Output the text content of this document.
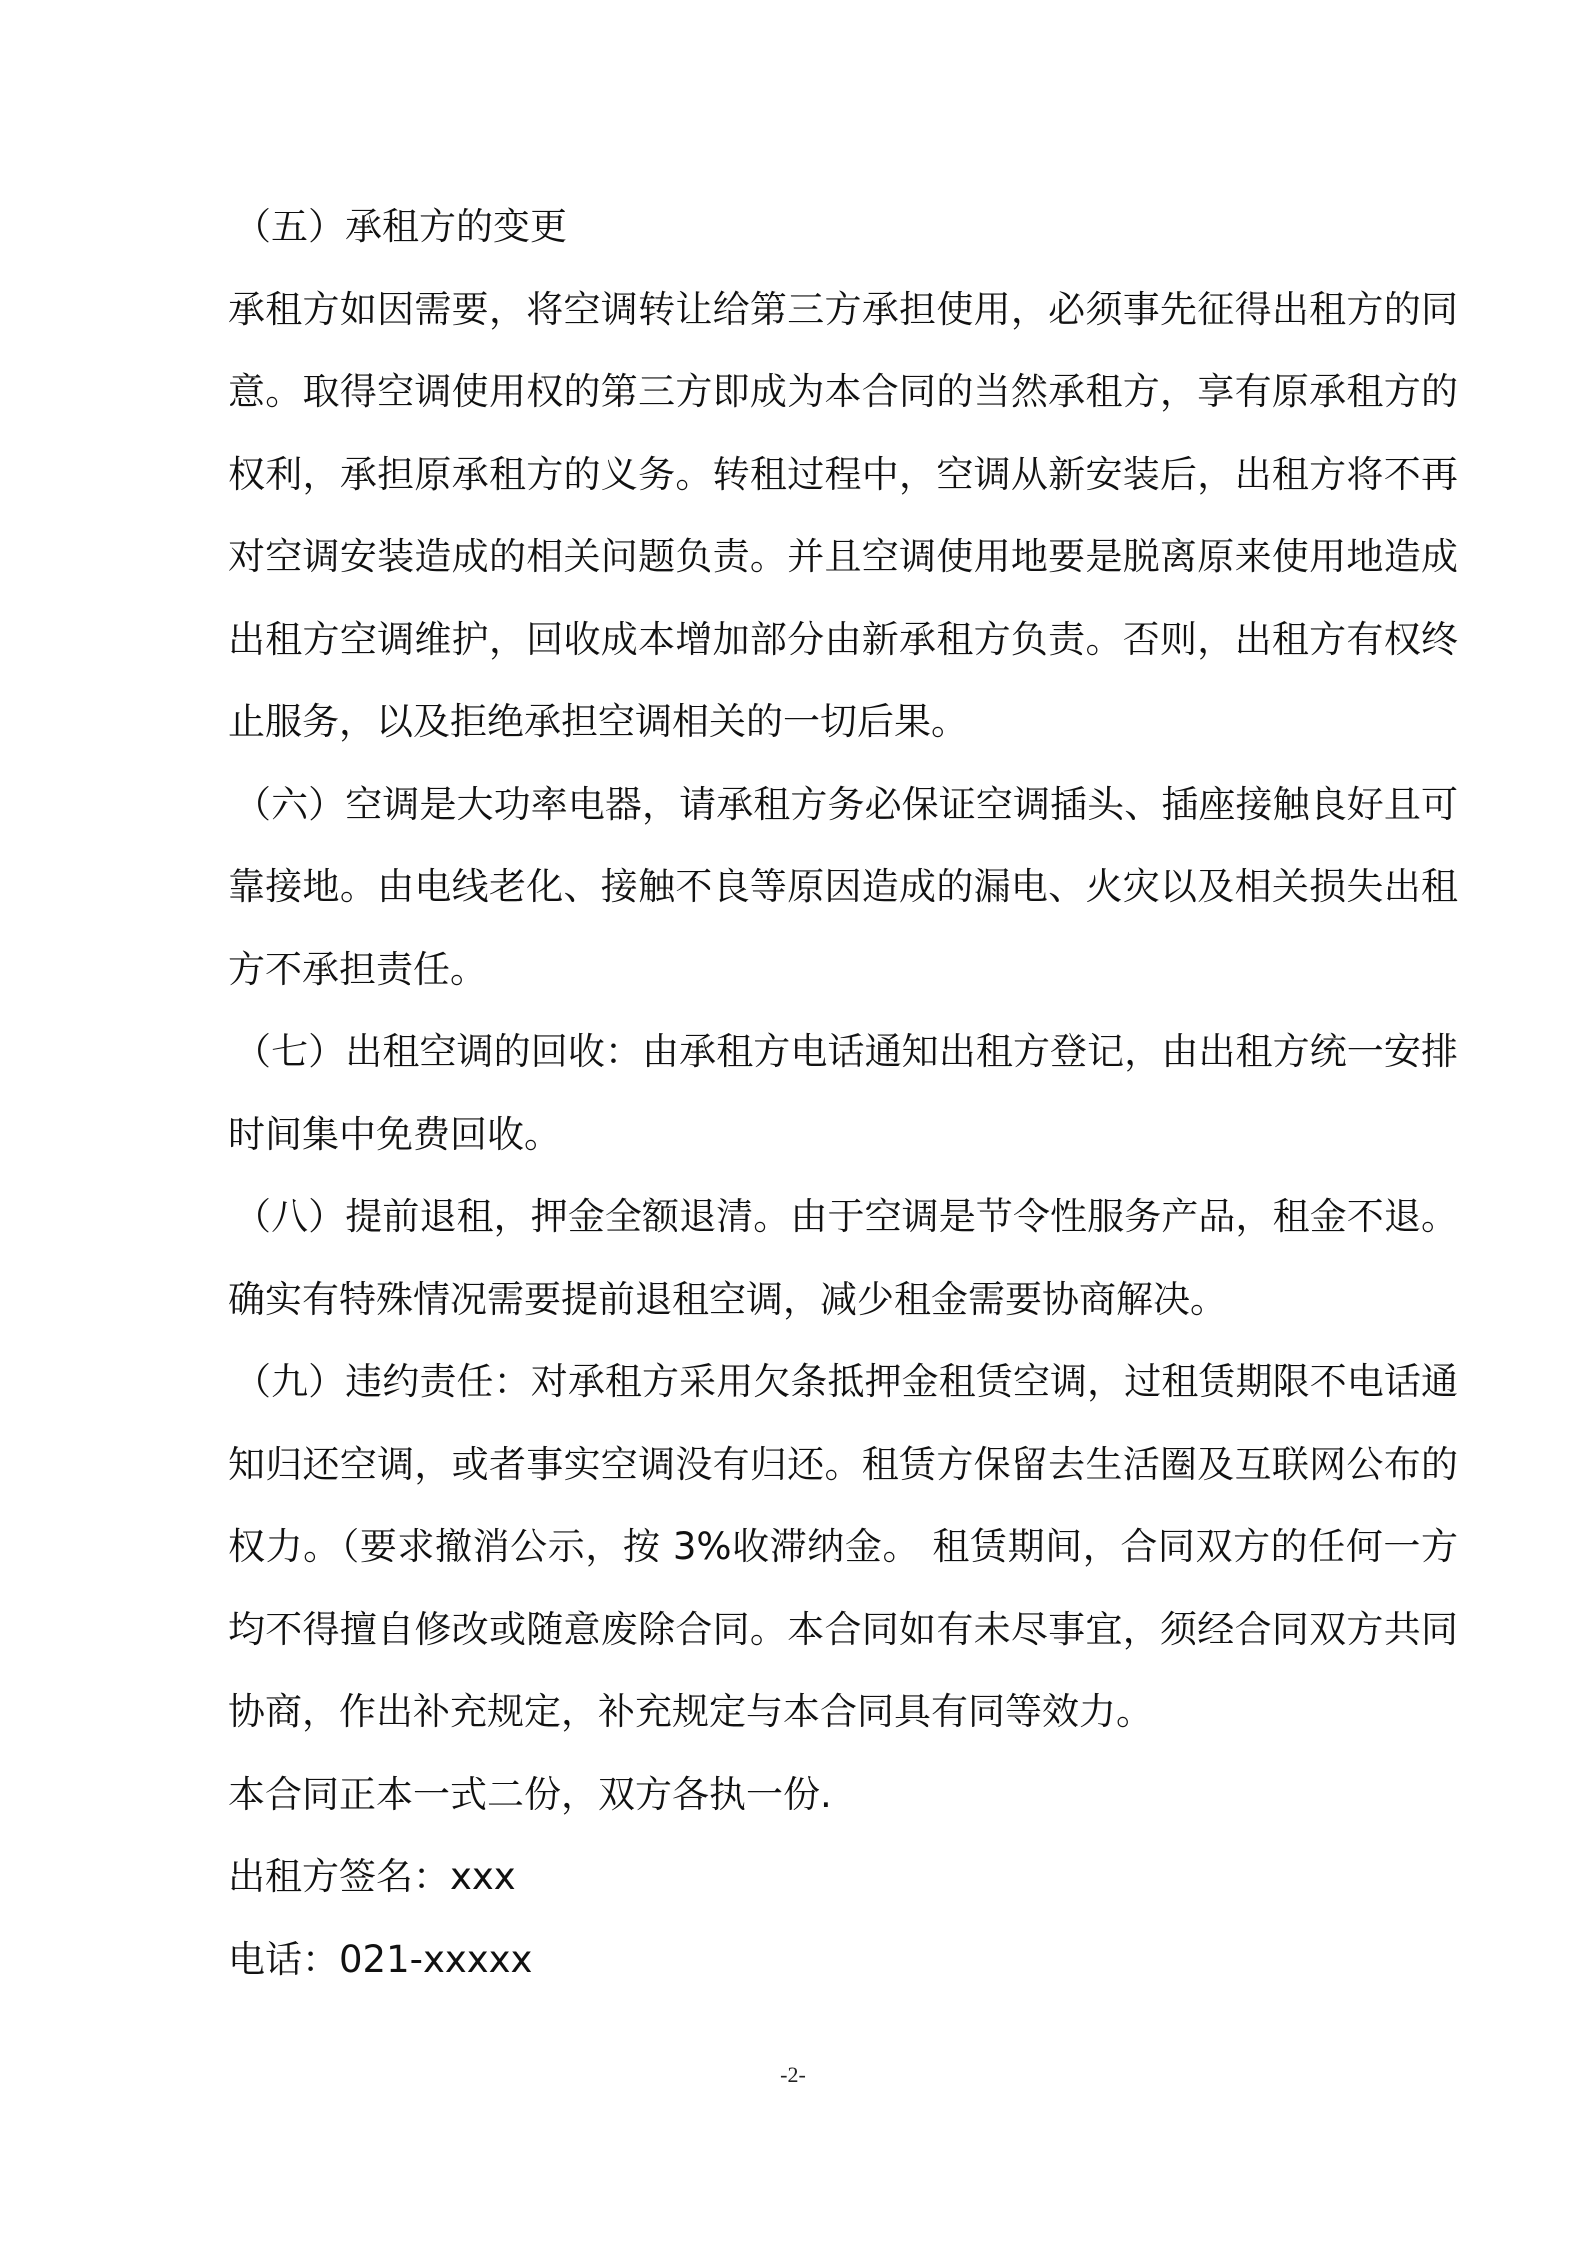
（五）承租方的变更

承租方如因需要，将空调转让给第三方承担使用，必须事先征得出租方的同意。取得空调使用权的第三方即成为本合同的当然承租方，享有原承租方的权利，承担原承租方的义务。转租过程中，空调从新安装后，出租方将不再对空调安装造成的相关问题负责。并且空调使用地要是脱离原来使用地造成出租方空调维护，回收成本增加部分由新承租方负责。否则，出租方有权终止服务，以及拒绝承担空调相关的一切后果。

（六）空调是大功率电器，请承租方务必保证空调插头、插座接触良好且可靠接地。由电线老化、接触不良等原因造成的漏电、火灾以及相关损失出租方不承担责任。

（七）出租空调的回收：由承租方电话通知出租方登记，由出租方统一安排时间集中免费回收。

（八）提前退租，押金全额退清。由于空调是节令性服务产品，租金不退。确实有特殊情况需要提前退租空调，减少租金需要协商解决。

（九）违约责任：对承租方采用欠条抵押金租赁空调，过租赁期限不电话通知归还空调，或者事实空调没有归还。租赁方保留去生活圈及互联网公布的权力。（要求撤消公示，按 3%收滞纳金。 租赁期间，合同双方的任何一方均不得擅自修改或随意废除合同。本合同如有未尽事宜，须经合同双方共同协商，作出补充规定，补充规定与本合同具有同等效力。

本合同正本一式二份，双方各执一份.

出租方签名：xxx

电话：021-xxxxx

-2-
